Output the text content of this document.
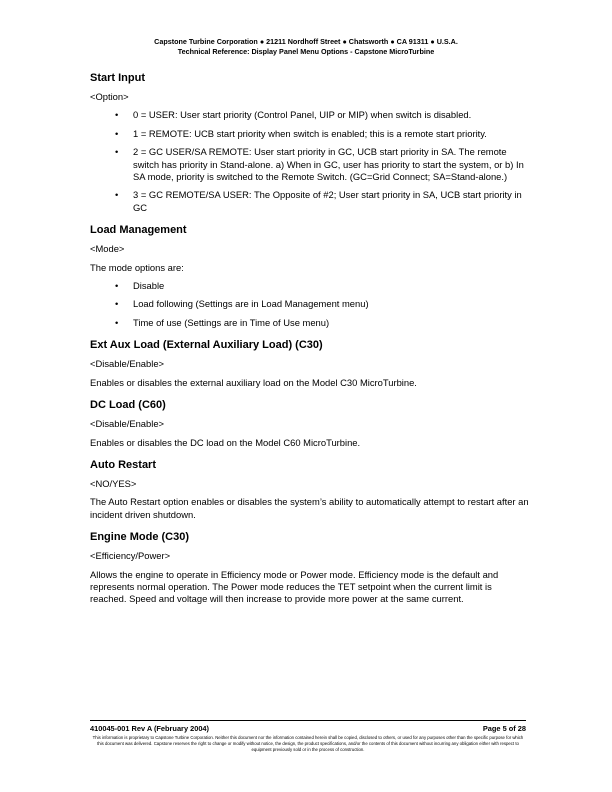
Capstone Turbine Corporation ● 21211 Nordhoff Street ● Chatsworth ● CA 91311 ● U.S.A.
Technical Reference: Display Panel Menu Options - Capstone MicroTurbine
Start Input

<Option>

• 0 = USER: User start priority (Control Panel, UIP or MIP) when switch is disabled.
• 1 = REMOTE: UCB start priority when switch is enabled; this is a remote start priority.
• 2 = GC USER/SA REMOTE: User start priority in GC, UCB start priority in SA. The remote switch has priority in Stand-alone. a) When in GC, user has priority to start the system, or b) In SA mode, priority is switched to the Remote Switch. (GC=Grid Connect; SA=Stand-alone.)
• 3 = GC REMOTE/SA USER: The Opposite of #2; User start priority in SA, UCB start priority in GC
Load Management

<Mode>

The mode options are:

• Disable
• Load following (Settings are in Load Management menu)
• Time of use (Settings are in Time of Use menu)
Ext Aux Load (External Auxiliary Load) (C30)

<Disable/Enable>

Enables or disables the external auxiliary load on the Model C30 MicroTurbine.

DC Load (C60)

<Disable/Enable>

Enables or disables the DC load on the Model C60 MicroTurbine.

Auto Restart

<NO/YES>

The Auto Restart option enables or disables the system’s ability to automatically attempt to restart after an incident driven shutdown.

Engine Mode (C30)

<Efficiency/Power>

Allows the engine to operate in Efficiency mode or Power mode. Efficiency mode is the default and represents normal operation. The Power mode reduces the TET setpoint when the current limit is reached. Speed and voltage will then increase to provide more power at the same current.

410045-001 Rev A (February 2004)	Page 5 of 28
This information is proprietary to Capstone Turbine Corporation. Neither this document nor the information contained herein shall be copied, disclosed to others, or used for any purposes other than the specific purpose for which this document was delivered. Capstone reserves the right to change or modify without notice, the design, the product specifications, and/or the contents of this document without incurring any obligation either with respect to equipment previously sold or in the process of construction.
